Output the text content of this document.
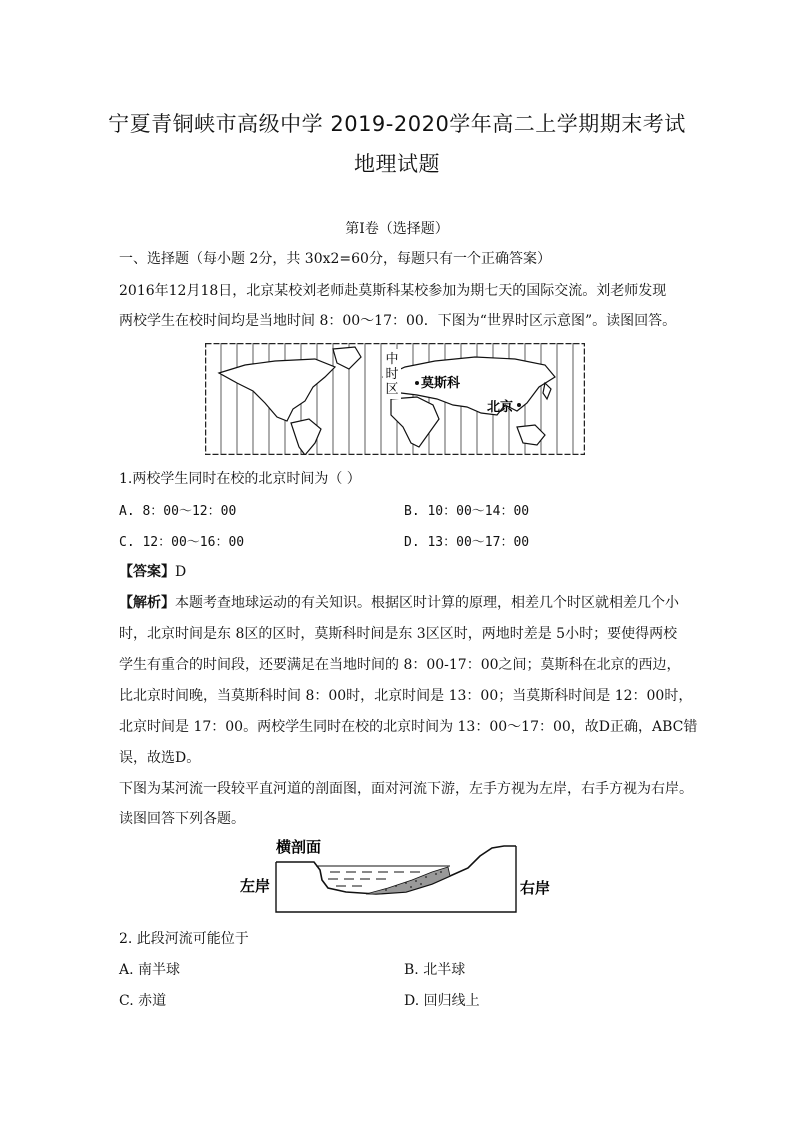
宁夏青铜峡市高级中学 2019-2020学年高二上学期期末考试
地理试题
第Ⅰ卷（选择题）
一、选择题（每小题 2分，共 30x2=60分，每题只有一个正确答案）
2016年12月18日，北京某校刘老师赴莫斯科某校参加为期七天的国际交流。刘老师发现
两校学生在校时间均是当地时间 8：00～17：00．下图为“世界时区示意图”。读图回答。
中
时
区 莫斯科
北京
1.两校学生同时在校的北京时间为（ ）
A. 8：00～12：00	B. 10：00～14：00
C. 12：00～16：00	D. 13：00～17：00
【答案】D
【解析】本题考查地球运动的有关知识。根据区时计算的原理，相差几个时区就相差几个小
时，北京时间是东 8区的区时，莫斯科时间是东 3区区时，两地时差是 5小时；要使得两校
学生有重合的时间段，还要满足在当地时间的 8：00-17：00之间；莫斯科在北京的西边，
比北京时间晚，当莫斯科时间 8：00时，北京时间是 13：00；当莫斯科时间是 12：00时，
北京时间是 17：00。两校学生同时在校的北京时间为 13：00～17：00，故D正确，ABC错
误，故选D。
下图为某河流一段较平直河道的剖面图，面对河流下游，左手方视为左岸，右手方视为右岸。
读图回答下列各题。
横剖面
左岸	右岸
2. 此段河流可能位于
A. 南半球	B. 北半球
C. 赤道	D. 回归线上
